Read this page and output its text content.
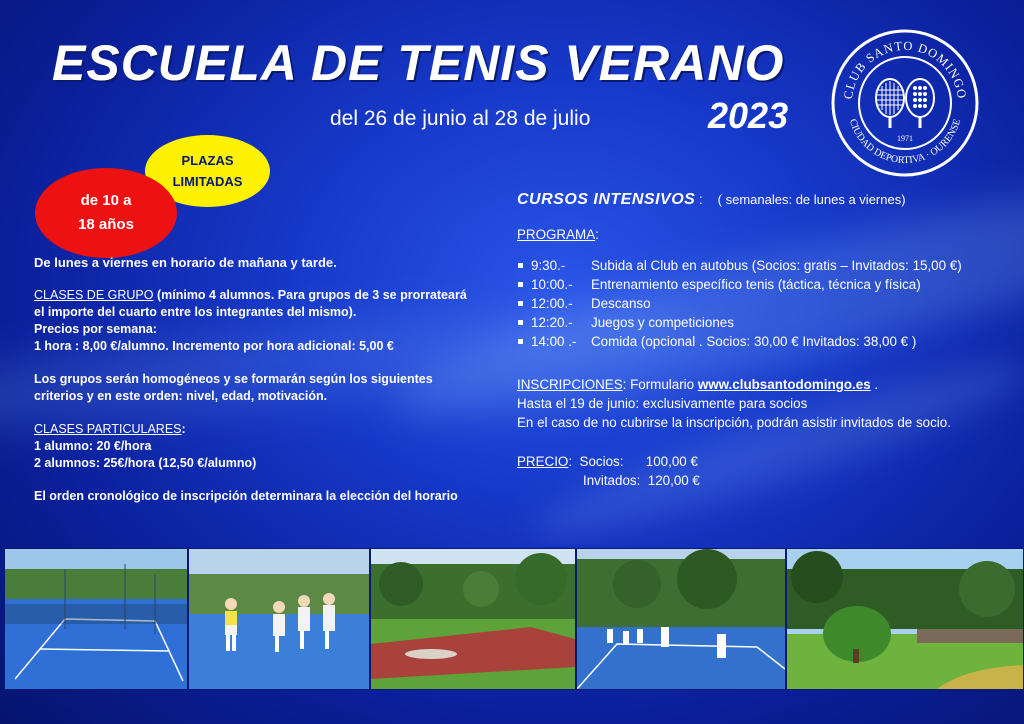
ESCUELA DE TENIS VERANO
del 26 de junio al 28 de julio	2023
CLUB SANTO DOMINGO
CIUDAD DEPORTIVA · OURENSE
1971
PLAZAS
LIMITADAS
de 10 a
18 años

De lunes a viernes en horario de mañana y tarde.

CLASES DE GRUPO (mínimo 4 alumnos. Para grupos de 3 se prorrateará el importe del cuarto entre los integrantes del mismo).

Precios por semana:

1 hora : 8,00 €/alumno. Incremento por hora adicional: 5,00 €

Los grupos serán homogéneos y se formarán según los siguientes criterios y en este orden: nivel, edad, motivación.

CLASES PARTICULARES:

1 alumno: 20 €/hora

2 alumnos: 25€/hora (12,50 €/alumno)

El orden cronológico de inscripción determinara la elección del horario

CURSOS INTENSIVOS : ( semanales: de lunes a viernes)

PROGRAMA:

9:30.- Subida al Club en autobus (Socios: gratis – Invitados: 15,00 €)
10:00.- Entrenamiento específico tenis (táctica, técnica y física)
12:00.- Descanso
12:20.- Juegos y competiciones
14:00 .- Comida (opcional . Socios: 30,00 € Invitados: 38,00 € )

INSCRIPCIONES: Formulario www.clubsantodomingo.es .

Hasta el 19 de junio: exclusivamente para socios

En el caso de no cubrirse la inscripción, podrán asistir invitados de socio.

PRECIO: Socios:      100,00 €

Invitados:  120,00 €
